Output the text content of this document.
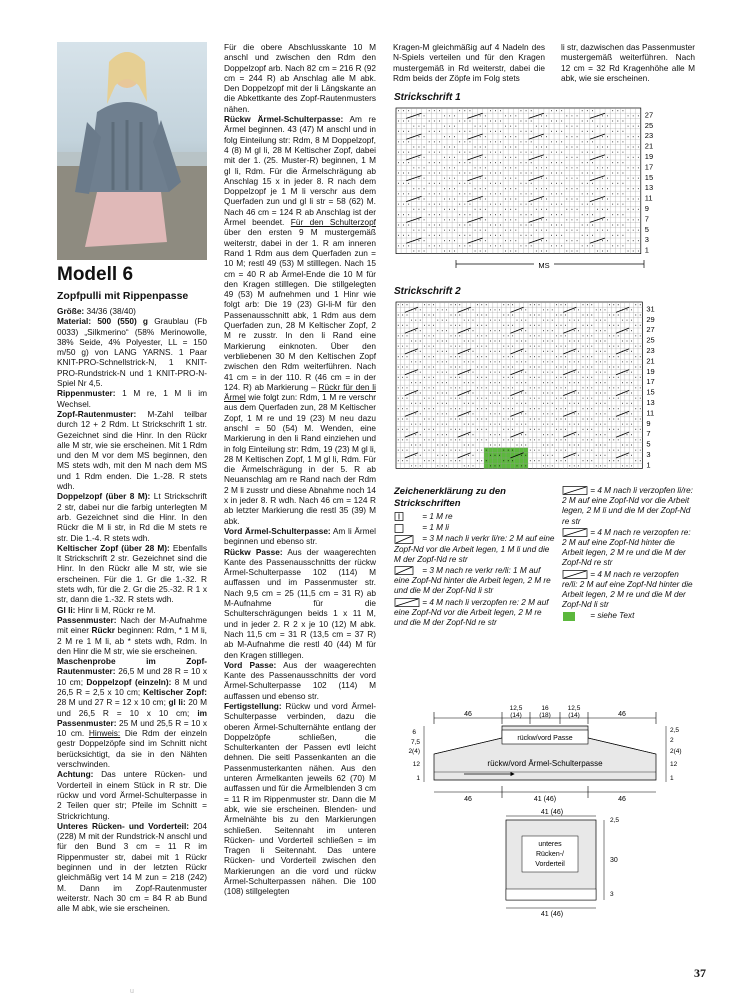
Modell 6
Zopfpulli mit Rippenpasse

Größe: 34/36 (38/40)

Material: 500 (550) g Graublau (Fb 0033) „Silkmerino“ (58% Merinowolle, 38% Seide, 4% Polyester, LL = 150 m/50 g) von LANG YARNS. 1 Paar KNIT-PRO-Schnellstrick-N, 1 KNIT-PRO-Rundstrick-N und 1 KNIT-PRO-N-Spiel Nr 4,5.

Rippenmuster: 1 M re, 1 M li im Wechsel.

Zopf-Rautenmuster: M-Zahl teilbar durch 12 + 2 Rdm. Lt Strickschrift 1 str. Gezeichnet sind die Hinr. In den Rückr alle M str, wie sie erscheinen. Mit 1 Rdm und den M vor dem MS beginnen, den MS stets wdh, mit den M nach dem MS und 1 Rdm enden. Die 1.-28. R stets wdh.

Doppelzopf (über 8 M): Lt Strickschrift 2 str, dabei nur die farbig unterlegten M arb. Gezeichnet sind die Hinr. In den Rückr die M li str, in Rd die M stets re str. Die 1.-4. R stets wdh.

Keltischer Zopf (über 28 M): Ebenfalls lt Strickschrift 2 str. Gezeichnet sind die Hinr. In den Rückr alle M str, wie sie erscheinen. Für die 1. Gr die 1.-32. R stets wdh, für die 2. Gr die 25.-32. R 1 x str, dann die 1.-32. R stets wdh.

Gl li: Hinr li M, Rückr re M.

Passenmuster: Nach der M-Aufnahme mit einer Rückr beginnen: Rdm, * 1 M li, 2 M re 1 M li, ab * stets wdh, Rdm. In den Hinr die M str, wie sie erscheinen.

Maschenprobe im Zopf-Rautenmuster: 26,5 M und 28 R = 10 x 10 cm; Doppelzopf (einzeln): 8 M und 26,5 R = 2,5 x 10 cm; Keltischer Zopf: 28 M und 27 R = 12 x 10 cm; gl li: 20 M und 26,5 R = 10 x 10 cm; im Passenmuster: 25 M und 25,5 R = 10 x 10 cm. Hinweis: Die Rdm der einzeln gestr Doppelzöpfe sind im Schnitt nicht berücksichtigt, da sie in den Nähten verschwinden.

Achtung: Das untere Rücken- und Vorderteil in einem Stück in R str. Die rückw und vord Ärmel-Schulterpasse in 2 Teilen quer str; Pfeile im Schnitt = Strickrichtung.

Unteres Rücken- und Vorderteil: 204 (228) M mit der Rundstrick-N anschl und für den Bund 3 cm = 11 R im Rippenmuster str, dabei mit 1 Rückr beginnen und in der letzten Rückr gleichmäßig vert 14 M zun = 218 (242) M. Dann im Zopf-Rautenmuster weiterstr. Nach 30 cm = 84 R ab Bund alle M abk, wie sie erscheinen.

Für die obere Abschlusskante 10 M anschl und zwischen den Rdm den Doppelzopf arb. Nach 82 cm = 216 R (92 cm = 244 R) ab Anschlag alle M abk. Den Doppelzopf mit der li Längskante an die Abkettkante des Zopf-Rautenmusters nähen.

Rückw Ärmel-Schulterpasse: Am re Ärmel beginnen. 43 (47) M anschl und in folg Einteilung str: Rdm, 8 M Doppelzopf, 4 (8) M gl li, 28 M Keltischer Zopf, dabei mit der 1. (25. Muster-R) beginnen, 1 M gl li, Rdm. Für die Ärmelschrägung ab Anschlag 15 x in jeder 8. R nach dem Doppelzopf je 1 M li verschr aus dem Querfaden zun und gl li str = 58 (62) M. Nach 46 cm = 124 R ab Anschlag ist der Ärmel beendet. Für den Schulterzopf über den ersten 9 M mustergemäß weiterstr, dabei in der 1. R am inneren Rand 1 Rdm aus dem Querfaden zun = 10 M; restl 49 (53) M stilllegen. Nach 15 cm = 40 R ab Ärmel-Ende die 10 M für den Kragen stilllegen. Die stillgelegten 49 (53) M aufnehmen und 1 Hinr wie folgt arb: Die 19 (23) Gl-li-M für den Passenausschnitt abk, 1 Rdm aus dem Querfaden zun, 28 M Keltischer Zopf, 2 M re zusstr. In den li Rand eine Markierung einknoten. Über den verbliebenen 30 M den Keltischen Zopf zwischen den Rdm weiterführen. Nach 41 cm = in der 110. R (46 cm = in der 124. R) ab Markierung – Rückr für den li Ärmel wie folgt zun: Rdm, 1 M re verschr aus dem Querfaden zun, 28 M Keltischer Zopf, 1 M re und 19 (23) M neu dazu anschl = 50 (54) M. Wenden, eine Markierung in den li Rand einziehen und in folg Einteilung str: Rdm, 19 (23) M gl li, 28 M Keltischen Zopf, 1 M gl li, Rdm. Für die Ärmelschrägung in der 5. R ab Neuanschlag am re Rand nach der Rdm 2 M li zusstr und diese Abnahme noch 14 x in jeder 8. R wdh. Nach 46 cm = 124 R ab letzter Markierung die restl 35 (39) M abk.

Vord Ärmel-Schulterpasse: Am li Ärmel beginnen und ebenso str.

Rückw Passe: Aus der waagerechten Kante des Passenausschnitts der rückw Ärmel-Schulterpasse 102 (114) M auffassen und im Passenmuster str. Nach 9,5 cm = 25 (11,5 cm = 31 R) ab M-Aufnahme für die Schulterschrägungen beids 1 x 11 M, und in jeder 2. R 2 x je 10 (12) M abk. Nach 11,5 cm = 31 R (13,5 cm = 37 R) ab M-Aufnahme die restl 40 (44) M für den Kragen stilllegen.

Vord Passe: Aus der waagerechten Kante des Passenausschnitts der vord Ärmel-Schulterpasse 102 (114) M auffassen und ebenso str.

Fertigstellung: Rückw und vord Ärmel-Schulterpasse verbinden, dazu die oberen Ärmel-Schulternähte entlang der Doppelzöpfe schließen, die Schulterkanten der Passen evtl leicht dehnen. Die seitl Passenkanten an die Passenmusterkanten nähen. Aus den unteren Ärmelkanten jeweils 62 (70) M auffassen und für die Ärmelblenden 3 cm = 11 R im Rippenmuster str. Dann die M abk, wie sie erscheinen. Blenden- und Ärmelnähte bis zu den Markierungen schließen. Seitennaht im unteren Rücken- und Vorderteil schließen = im Tragen li Seitennaht. Das untere Rücken- und Vorderteil zwischen den Markierungen an die vord und rückw Ärmel-Schulterpassen nähen. Die 100 (108) stillgelegten

Kragen-M gleichmäßig auf 4 Nadeln des N-Spiels verteilen und für den Kragen mustergemäß in Rd weiterstr, dabei die Rdm beids der Zöpfe im Folg stets
li str, dazwischen das Passenmuster mustergemäß weiterführen. Nach 12 cm = 32 Rd Kragenhöhe alle M abk, wie sie erscheinen.
Strickschrift 1
27
25
23
21
19
17
15
13
11
9
7
5
3
1
MS
Strickschrift 2
31
29
27
25
23
21
19
17
15
13
11
9
7
5
3
1
Zeichenerklärung zu den Strickschriften
= 1 M re
= 1 M li
= 3 M nach li verkr li/re: 2 M auf eine Zopf-Nd vor die Arbeit legen, 1 M li und die M der Zopf-Nd re str
= 3 M nach re verkr re/li: 1 M auf eine Zopf-Nd hinter die Arbeit legen, 2 M re und die M der Zopf-Nd li str
= 4 M nach li verzopfen re: 2 M auf eine Zopf-Nd vor die Arbeit legen, 2 M re und die M der Zopf-Nd re str
= 4 M nach li verzopfen li/re: 2 M auf eine Zopf-Nd vor die Arbeit legen, 2 M li und die M der Zopf-Nd re str
= 4 M nach re verzopfen re: 2 M auf eine Zopf-Nd hinter die Arbeit legen, 2 M re und die M der Zopf-Nd re str
= 4 M nach re verzopfen re/li: 2 M auf eine Zopf-Nd hinter die Arbeit legen, 2 M re und die M der Zopf-Nd li str
= siehe Text
46
12,5
(14)
16
(18)
12,5
(14)	46
rückw/vord Passe
rückw/vord Ärmel-Schulterpasse
6
7,5
2(4)
12
1
2,5
2
2(4)
12
1
46	41 (46)	46
41 (46)
unteres
Rücken-/
Vorderteil
2,5
30
3
41 (46)
u
37
